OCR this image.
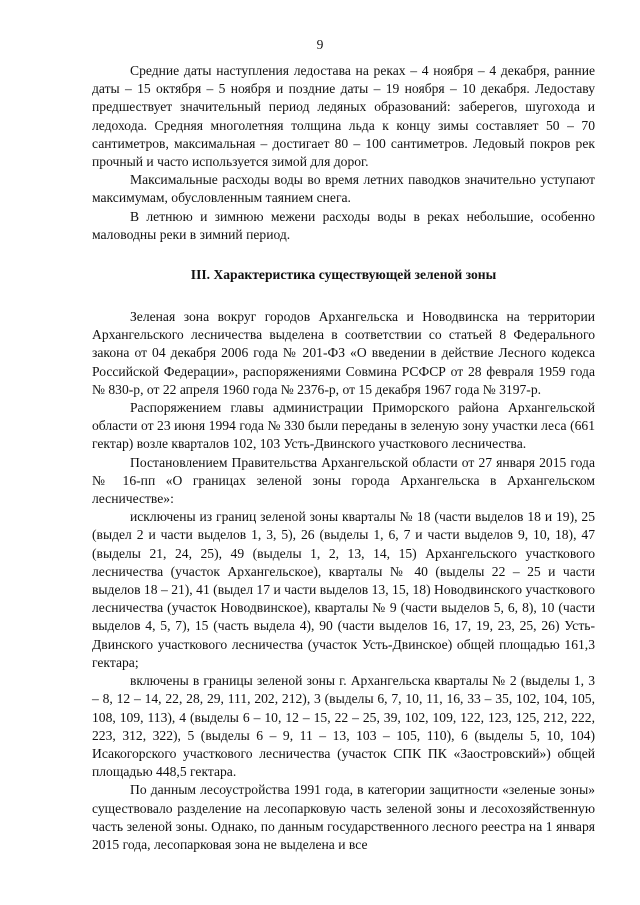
9

Средние даты наступления ледостава на реках – 4 ноября – 4 декабря, ранние даты – 15 октября – 5 ноября и поздние даты – 19 ноября – 10 декабря. Ледоставу предшествует значительный период ледяных образований: заберегов, шугохода и ледохода. Средняя многолетняя толщина льда к концу зимы составляет 50 – 70 сантиметров, максимальная – достигает 80 – 100 сантиметров. Ледовый покров рек прочный и часто используется зимой для дорог.

Максимальные расходы воды во время летних паводков значительно уступают максимумам, обусловленным таянием снега.

В летнюю и зимнюю межени расходы воды в реках небольшие, особенно маловодны реки в зимний период.

III. Характеристика существующей зеленой зоны

Зеленая зона вокруг городов Архангельска и Новодвинска на территории Архангельского лесничества выделена в соответствии со статьей 8 Федерального закона от 04 декабря 2006 года № 201-ФЗ «О введении в действие Лесного кодекса Российской Федерации», распоряжениями Совмина РСФСР от 28 февраля 1959 года № 830-р, от 22 апреля 1960 года № 2376-р, от 15 декабря 1967 года № 3197-р.

Распоряжением главы администрации Приморского района Архангельской области от 23 июня 1994 года № 330 были переданы в зеленую зону участки леса (661 гектар) возле кварталов 102, 103 Усть-Двинского участкового лесничества.

Постановлением Правительства Архангельской области от 27 января 2015 года № 16-пп «О границах зеленой зоны города Архангельска в Архангельском лесничестве»:

исключены из границ зеленой зоны кварталы № 18 (части выделов 18 и 19), 25 (выдел 2 и части выделов 1, 3, 5), 26 (выделы 1, 6, 7 и части выделов 9, 10, 18), 47 (выделы 21, 24, 25), 49 (выделы 1, 2, 13, 14, 15) Архангельского участкового лесничества (участок Архангельское), кварталы № 40 (выделы 22 – 25 и части выделов 18 – 21), 41 (выдел 17 и части выделов 13, 15, 18) Новодвинского участкового лесничества (участок Новодвинское), кварталы № 9 (части выделов 5, 6, 8), 10 (части выделов 4, 5, 7), 15 (часть выдела 4), 90 (части выделов 16, 17, 19, 23, 25, 26) Усть-Двинского участкового лесничества (участок Усть-Двинское) общей площадью 161,3 гектара;

включены в границы зеленой зоны г. Архангельска кварталы № 2 (выделы 1, 3 – 8, 12 – 14, 22, 28, 29, 111, 202, 212), 3 (выделы 6, 7, 10, 11, 16, 33 – 35, 102, 104, 105, 108, 109, 113), 4 (выделы 6 – 10, 12 – 15, 22 – 25, 39, 102, 109, 122, 123, 125, 212, 222, 223, 312, 322), 5 (выделы 6 – 9, 11 – 13, 103 – 105, 110), 6 (выделы 5, 10, 104) Исакогорского участкового лесничества (участок СПК ПК «Заостровский») общей площадью 448,5 гектара.

По данным лесоустройства 1991 года, в категории защитности «зеленые зоны» существовало разделение на лесопарковую часть зеленой зоны и лесохозяйственную часть зеленой зоны. Однако, по данным государственного лесного реестра на 1 января 2015 года, лесопарковая зона не выделена и все
